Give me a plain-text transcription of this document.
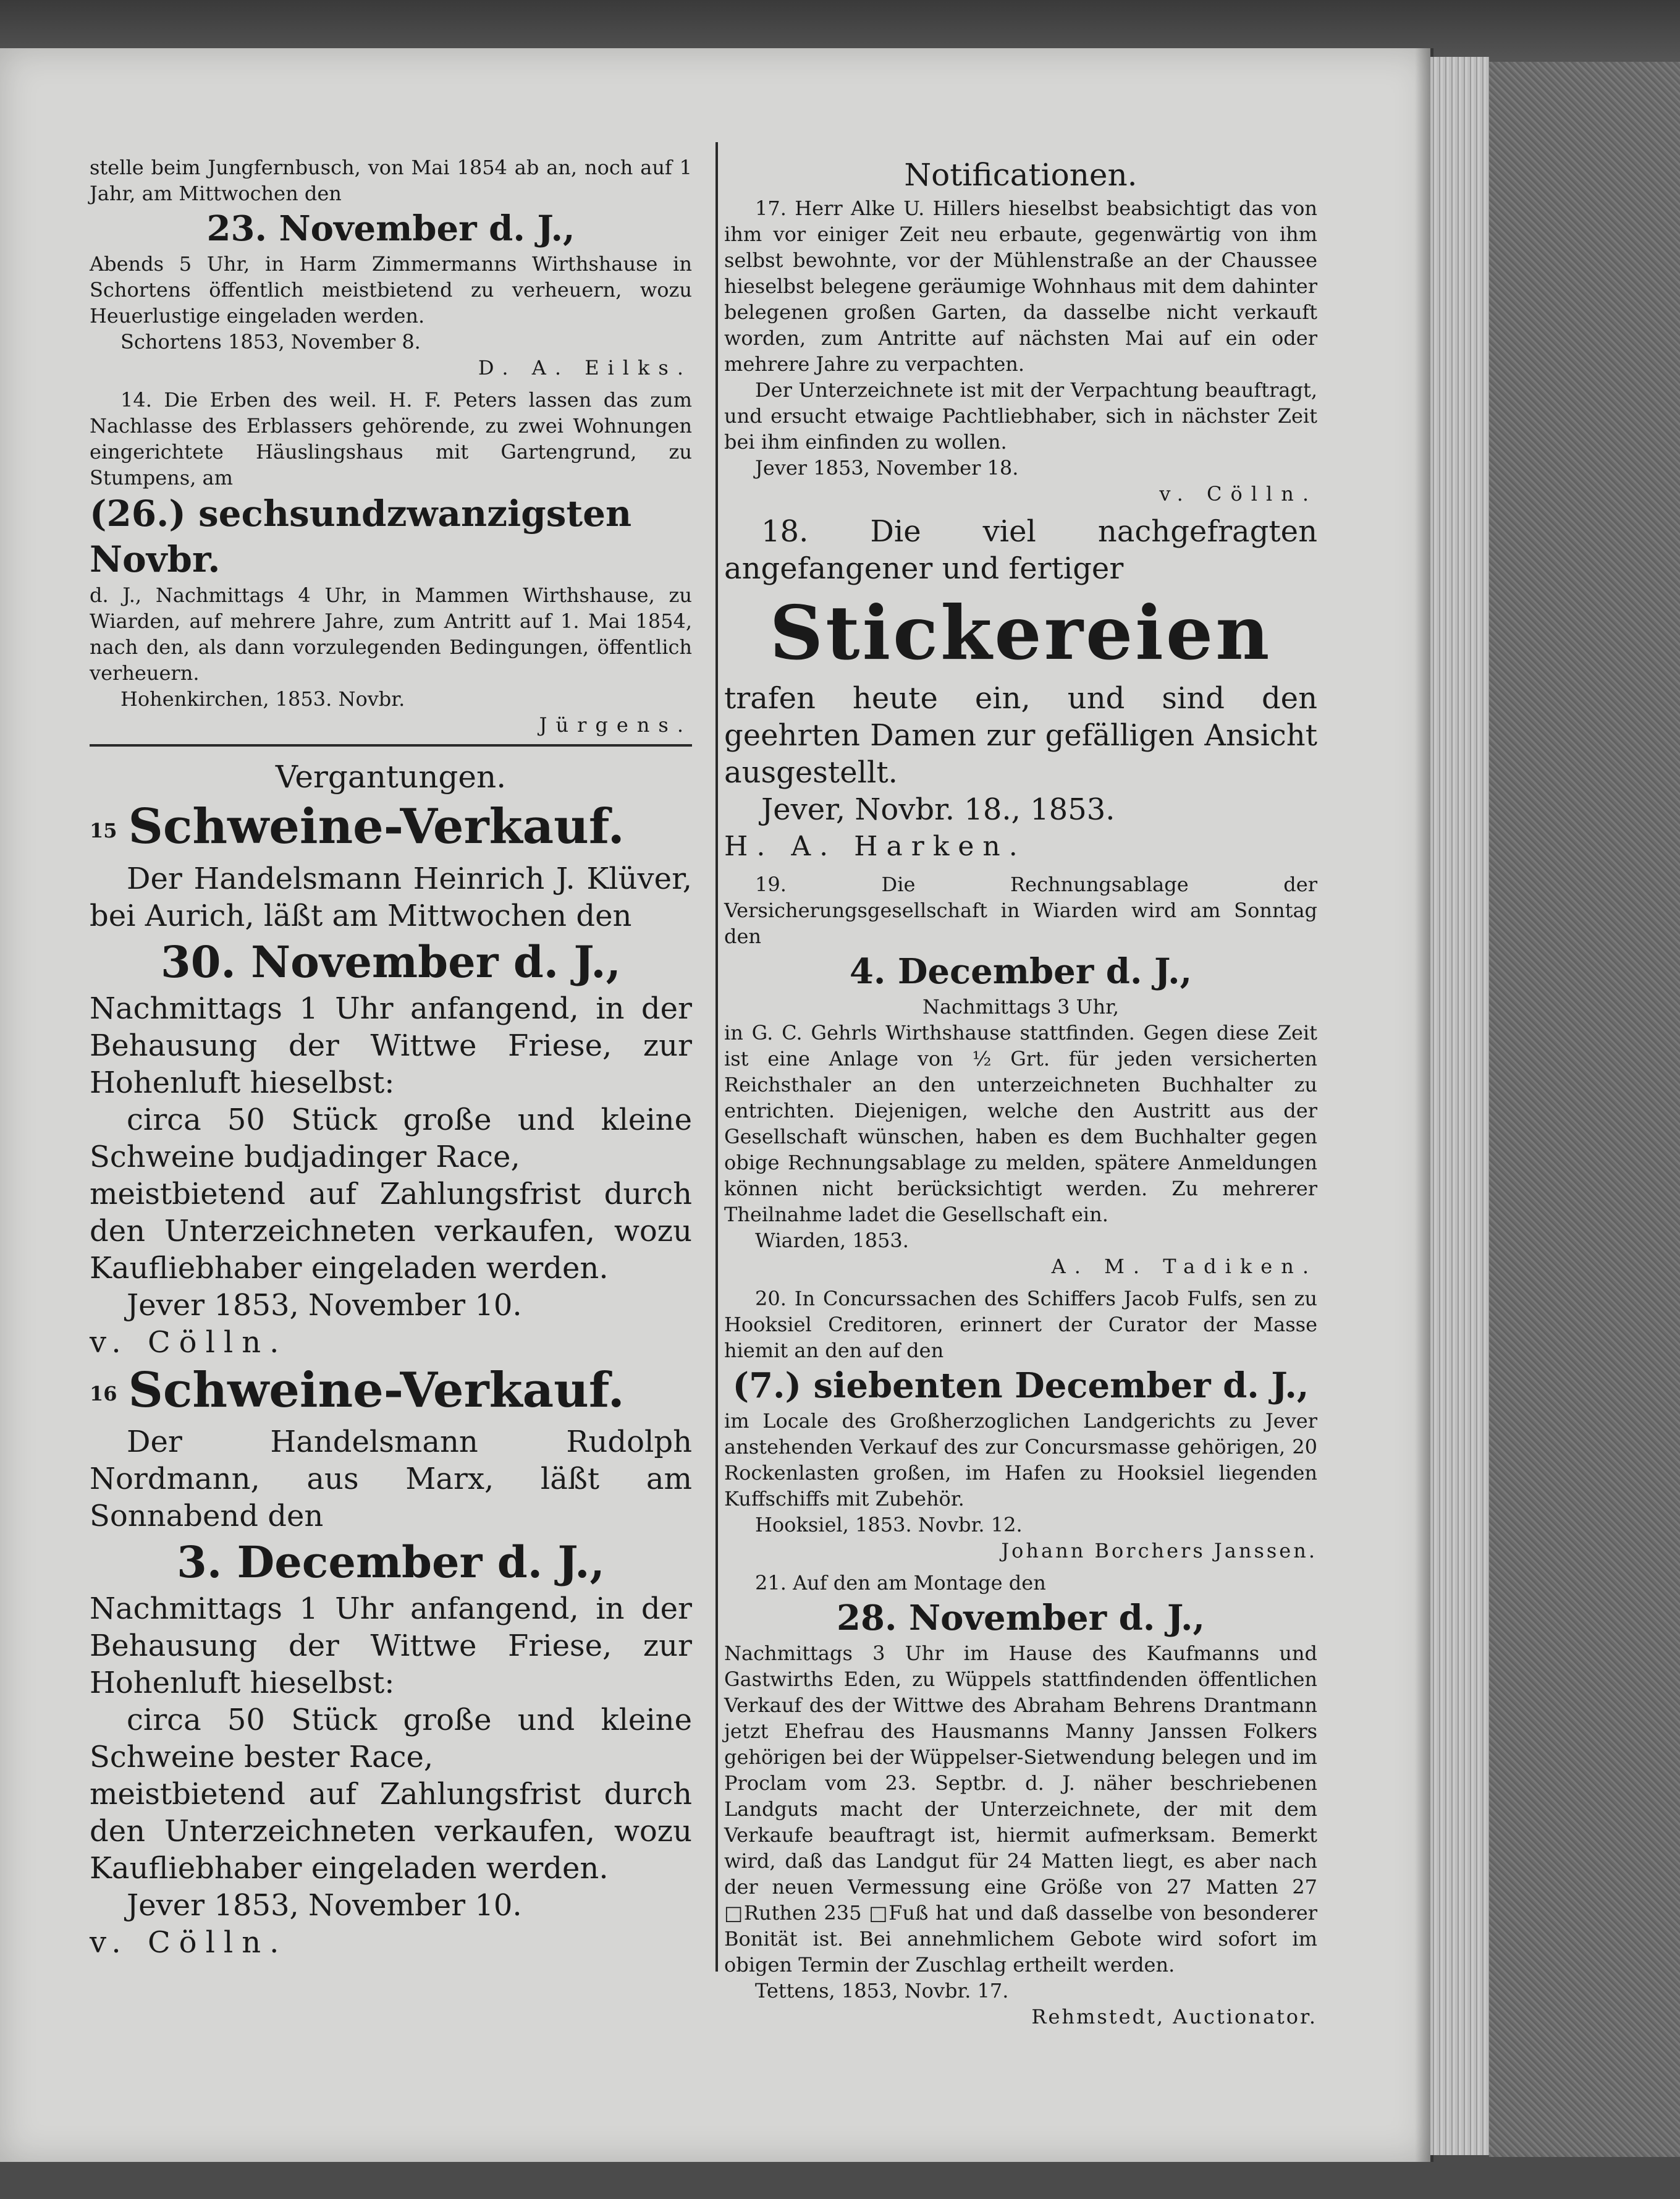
stelle beim Jungfernbusch, von Mai 1854 ab an, noch auf 1 Jahr, am Mittwochen den

23. November d. J.,

Abends 5 Uhr, in Harm Zimmermanns Wirthshause in Schortens öffentlich meistbietend zu verheuern, wozu Heuerlustige eingeladen werden.

Schortens 1853, November 8.

D. A. Eilks.

14. Die Erben des weil. H. F. Peters lassen das zum Nachlasse des Erblassers gehörende, zu zwei Wohnungen eingerichtete Häuslingshaus mit Gartengrund, zu Stumpens, am

(26.) sechsundzwanzigsten Novbr.

d. J., Nachmittags 4 Uhr, in Mammen Wirthshause, zu Wiarden, auf mehrere Jahre, zum Antritt auf 1. Mai 1854, nach den, als dann vorzulegenden Bedingungen, öffentlich verheuern.

Hohenkirchen, 1853. Novbr.

Jürgens.

Vergantungen.

15 Schweine-Verkauf.

Der Handelsmann Heinrich J. Klüver, bei Aurich, läßt am Mittwochen den

30. November d. J.,

Nachmittags 1 Uhr anfangend, in der Behausung der Wittwe Friese, zur Hohenluft hieselbst:

circa 50 Stück große und kleine Schweine budjadinger Race,

meistbietend auf Zahlungsfrist durch den Unterzeichneten verkaufen, wozu Kaufliebhaber eingeladen werden.

Jever 1853, November 10.

v. Cölln.

16 Schweine-Verkauf.

Der Handelsmann Rudolph Nordmann, aus Marx, läßt am Sonnabend den

3. December d. J.,

Nachmittags 1 Uhr anfangend, in der Behausung der Wittwe Friese, zur Hohenluft hieselbst:

circa 50 Stück große und kleine Schweine bester Race,

meistbietend auf Zahlungsfrist durch den Unterzeichneten verkaufen, wozu Kaufliebhaber eingeladen werden.

Jever 1853, November 10.

v. Cölln.

Notificationen.

17. Herr Alke U. Hillers hieselbst beabsichtigt das von ihm vor einiger Zeit neu erbaute, gegenwärtig von ihm selbst bewohnte, vor der Mühlenstraße an der Chaussee hieselbst belegene geräumige Wohnhaus mit dem dahinter belegenen großen Garten, da dasselbe nicht verkauft worden, zum Antritte auf nächsten Mai auf ein oder mehrere Jahre zu verpachten.

Der Unterzeichnete ist mit der Verpachtung beauftragt, und ersucht etwaige Pachtliebhaber, sich in nächster Zeit bei ihm einfinden zu wollen.

Jever 1853, November 18.

v. Cölln.

18. Die viel nachgefragten angefangener und fertiger

Stickereien

trafen heute ein, und sind den geehrten Damen zur gefälligen Ansicht ausgestellt.

Jever, Novbr. 18., 1853.

H. A. Harken.

19. Die Rechnungsablage der Versicherungsgesellschaft in Wiarden wird am Sonntag den

4. December d. J.,

Nachmittags 3 Uhr,

in G. C. Gehrls Wirthshause stattfinden. Gegen diese Zeit ist eine Anlage von ½ Grt. für jeden versicherten Reichsthaler an den unterzeichneten Buchhalter zu entrichten. Diejenigen, welche den Austritt aus der Gesellschaft wünschen, haben es dem Buchhalter gegen obige Rechnungsablage zu melden, spätere Anmeldungen können nicht berücksichtigt werden. Zu mehrerer Theilnahme ladet die Gesellschaft ein.

Wiarden, 1853.

A. M. Tadiken.

20. In Concurssachen des Schiffers Jacob Fulfs, sen zu Hooksiel Creditoren, erinnert der Curator der Masse hiemit an den auf den

(7.) siebenten December d. J.,

im Locale des Großherzoglichen Landgerichts zu Jever anstehenden Verkauf des zur Concursmasse gehörigen, 20 Rockenlasten großen, im Hafen zu Hooksiel liegenden Kuffschiffs mit Zubehör.

Hooksiel, 1853. Novbr. 12.

Johann Borchers Janssen.

21. Auf den am Montage den

28. November d. J.,

Nachmittags 3 Uhr im Hause des Kaufmanns und Gastwirths Eden, zu Wüppels stattfindenden öffentlichen Verkauf des der Wittwe des Abraham Behrens Drantmann jetzt Ehefrau des Hausmanns Manny Janssen Folkers gehörigen bei der Wüppelser-Sietwendung belegen und im Proclam vom 23. Septbr. d. J. näher beschriebenen Landguts macht der Unterzeichnete, der mit dem Verkaufe beauftragt ist, hiermit aufmerksam. Bemerkt wird, daß das Landgut für 24 Matten liegt, es aber nach der neuen Vermessung eine Größe von 27 Matten 27 □Ruthen 235 □Fuß hat und daß dasselbe von besonderer Bonität ist. Bei annehmlichem Gebote wird sofort im obigen Termin der Zuschlag ertheilt werden.

Tettens, 1853, Novbr. 17.

Rehmstedt, Auctionator.
